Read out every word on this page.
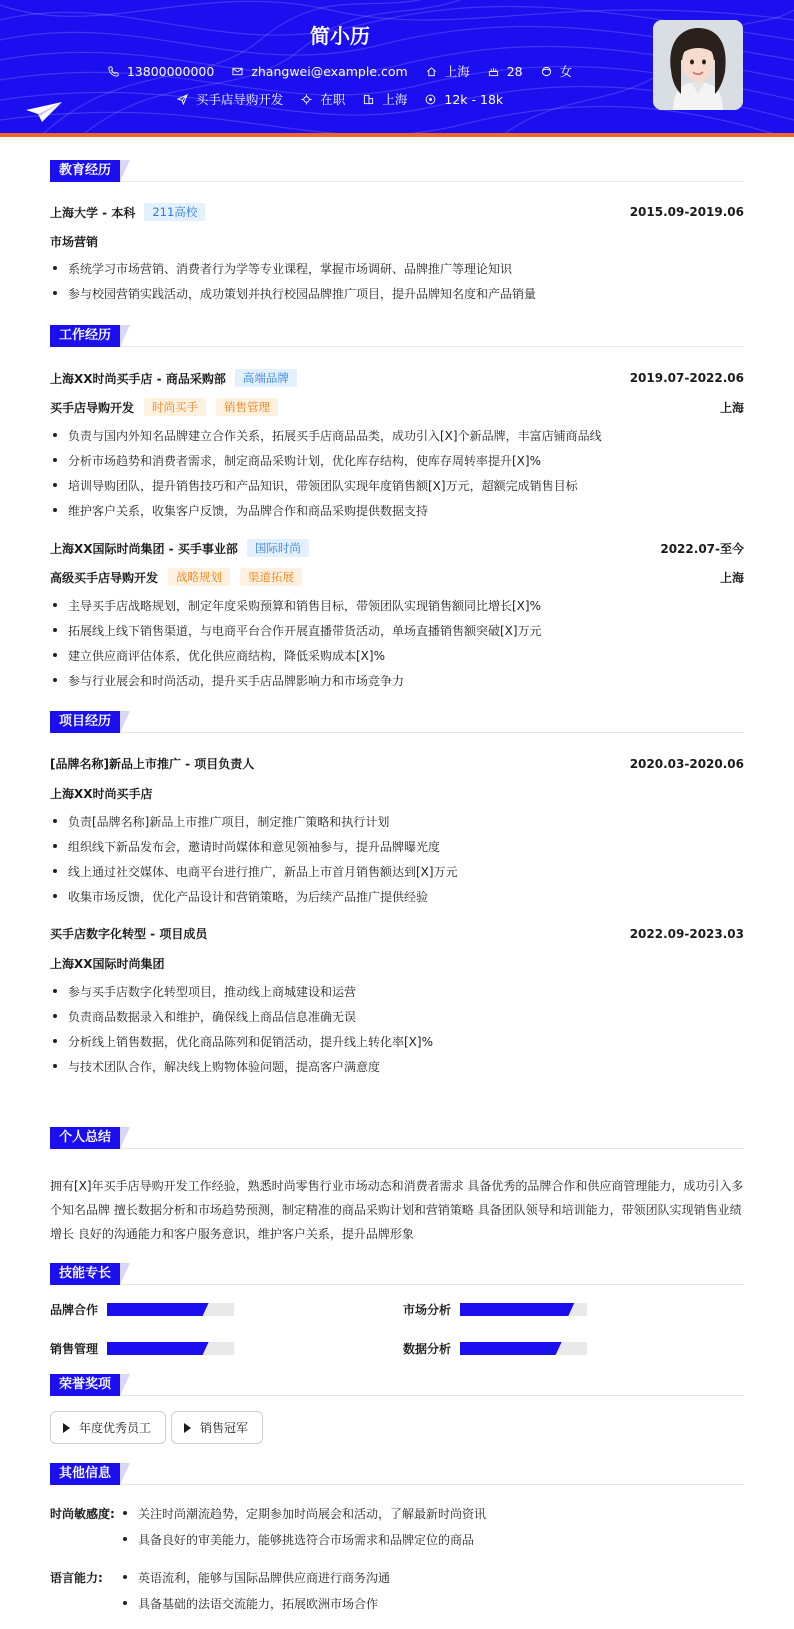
简小历
13800000000	zhangwei@example.com	上海	28	女
买手店导购开发	在职	上海	12k - 18k
教育经历
上海大学 - 本科	211高校	2015.09-2019.06
市场营销
系统学习市场营销、消费者行为学等专业课程，掌握市场调研、品牌推广等理论知识
参与校园营销实践活动，成功策划并执行校园品牌推广项目，提升品牌知名度和产品销量
工作经历
上海XX时尚买手店 - 商品采购部	高端品牌	2019.07-2022.06
买手店导购开发	时尚买手	销售管理	上海
负责与国内外知名品牌建立合作关系，拓展买手店商品品类，成功引入[X]个新品牌，丰富店铺商品线
分析市场趋势和消费者需求，制定商品采购计划，优化库存结构，使库存周转率提升[X]%
培训导购团队，提升销售技巧和产品知识，带领团队实现年度销售额[X]万元，超额完成销售目标
维护客户关系，收集客户反馈，为品牌合作和商品采购提供数据支持
上海XX国际时尚集团 - 买手事业部	国际时尚	2022.07-至今
高级买手店导购开发	战略规划	渠道拓展	上海
主导买手店战略规划，制定年度采购预算和销售目标，带领团队实现销售额同比增长[X]%
拓展线上线下销售渠道，与电商平台合作开展直播带货活动，单场直播销售额突破[X]万元
建立供应商评估体系，优化供应商结构，降低采购成本[X]%
参与行业展会和时尚活动，提升买手店品牌影响力和市场竞争力
项目经历
[品牌名称]新品上市推广 - 项目负责人	2020.03-2020.06
上海XX时尚买手店
负责[品牌名称]新品上市推广项目，制定推广策略和执行计划
组织线下新品发布会，邀请时尚媒体和意见领袖参与，提升品牌曝光度
线上通过社交媒体、电商平台进行推广，新品上市首月销售额达到[X]万元
收集市场反馈，优化产品设计和营销策略，为后续产品推广提供经验
买手店数字化转型 - 项目成员	2022.09-2023.03
上海XX国际时尚集团
参与买手店数字化转型项目，推动线上商城建设和运营
负责商品数据录入和维护，确保线上商品信息准确无误
分析线上销售数据，优化商品陈列和促销活动，提升线上转化率[X]%
与技术团队合作，解决线上购物体验问题，提高客户满意度
个人总结
拥有[X]年买手店导购开发工作经验，熟悉时尚零售行业市场动态和消费者需求 具备优秀的品牌合作和供应商管理能力，成功引入多个知名品牌 擅长数据分析和市场趋势预测，制定精准的商品采购计划和营销策略 具备团队领导和培训能力，带领团队实现销售业绩增长 良好的沟通能力和客户服务意识，维护客户关系，提升品牌形象
技能专长
品牌合作	市场分析
销售管理	数据分析
荣誉奖项
年度优秀员工	销售冠军
其他信息
时尚敏感度:	关注时尚潮流趋势，定期参加时尚展会和活动，了解最新时尚资讯
具备良好的审美能力，能够挑选符合市场需求和品牌定位的商品
语言能力:	英语流利，能够与国际品牌供应商进行商务沟通
具备基础的法语交流能力，拓展欧洲市场合作
